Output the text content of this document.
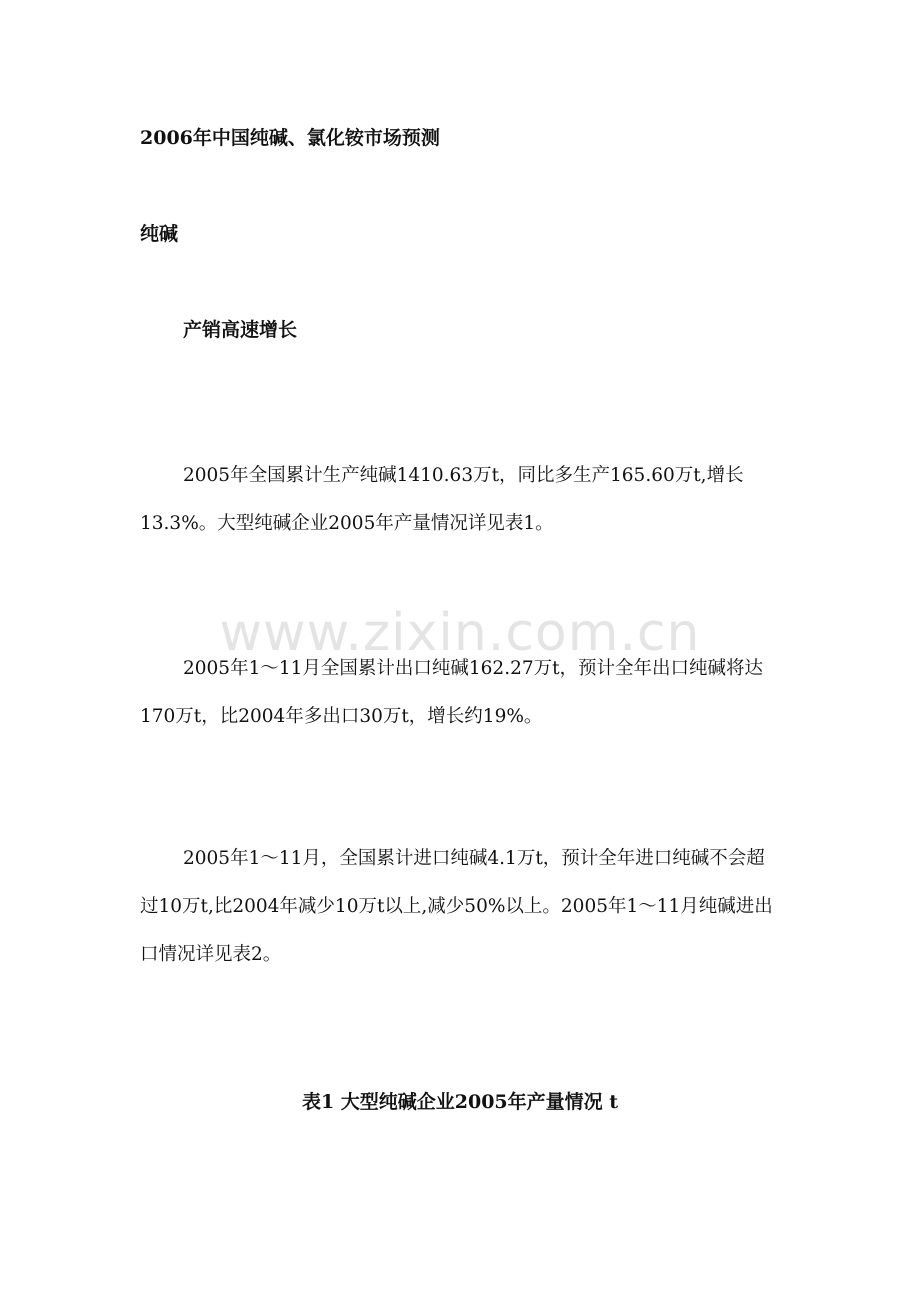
2006年中国纯碱、氯化铵市场预测
纯碱
产销高速增长

2005年全国累计生产纯碱1410.63万t，同比多生产165.60万t,增长13.3%。大型纯碱企业2005年产量情况详见表1。

2005年1～11月全国累计出口纯碱162.27万t，预计全年出口纯碱将达170万t，比2004年多出口30万t，增长约19%。

2005年1～11月，全国累计进口纯碱4.1万t，预计全年进口纯碱不会超过10万t,比2004年减少10万t以上,减少50%以上。2005年1～11月纯碱进出口情况详见表2。

表1 大型纯碱企业2005年产量情况 t
www.zixin.com.cn
